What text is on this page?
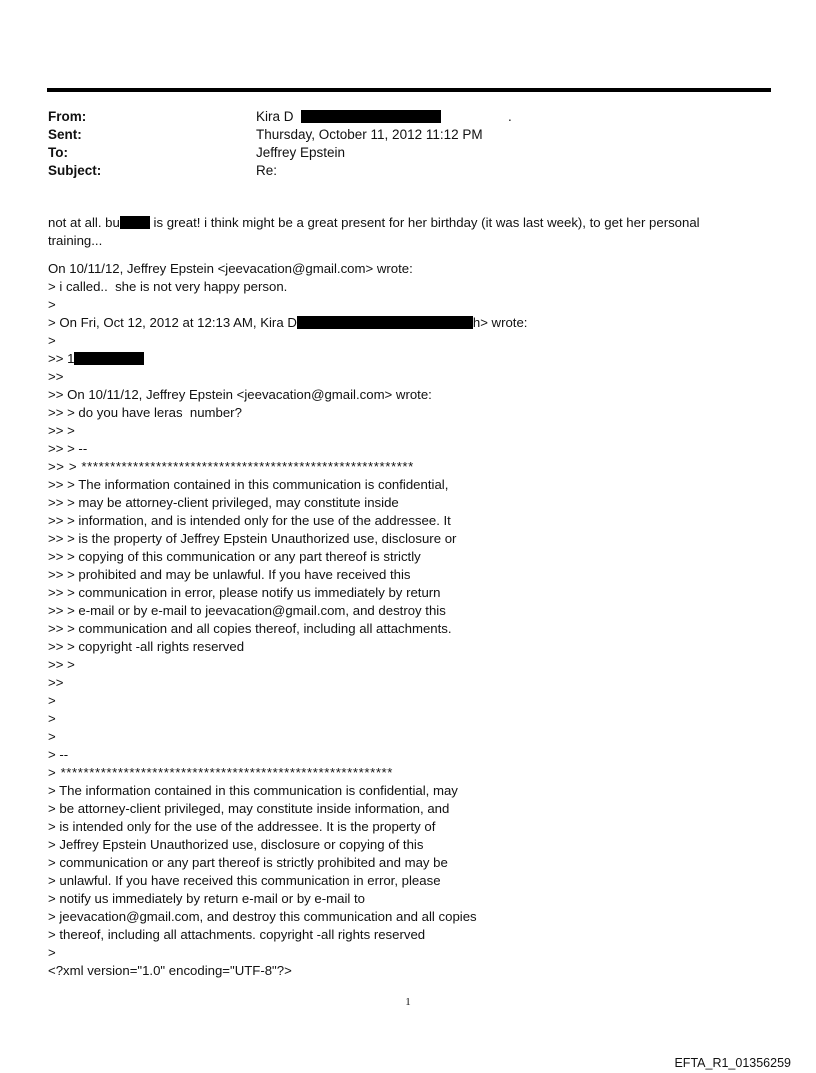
From:	Kira D	.
Sent:	Thursday, October 11, 2012 11:12 PM
To:	Jeffrey Epstein
Subject:	Re:
not at all. bu is great! i think might be a great present for her birthday (it was last week), to get her personal training...
On 10/11/12, Jeffrey Epstein <jeevacation@gmail.com> wrote:
> i called..  she is not very happy person.
>
> On Fri, Oct 12, 2012 at 12:13 AM, Kira D	h> wrote:
>
>> 1
>>
>> On 10/11/12, Jeffrey Epstein <jeevacation@gmail.com> wrote:
>> > do you have leras  number?
>> >
>> > --
>> > **********************************************************
>> > The information contained in this communication is confidential,
>> > may be attorney-client privileged, may constitute inside
>> > information, and is intended only for the use of the addressee. It
>> > is the property of Jeffrey Epstein Unauthorized use, disclosure or
>> > copying of this communication or any part thereof is strictly
>> > prohibited and may be unlawful. If you have received this
>> > communication in error, please notify us immediately by return
>> > e-mail or by e-mail to jeevacation@gmail.com, and destroy this
>> > communication and all copies thereof, including all attachments.
>> > copyright -all rights reserved
>> >
>>
>
>
>
> --
> **********************************************************
> The information contained in this communication is confidential, may
> be attorney-client privileged, may constitute inside information, and
> is intended only for the use of the addressee. It is the property of
> Jeffrey Epstein Unauthorized use, disclosure or copying of this
> communication or any part thereof is strictly prohibited and may be
> unlawful. If you have received this communication in error, please
> notify us immediately by return e-mail or by e-mail to
> jeevacation@gmail.com, and destroy this communication and all copies
> thereof, including all attachments. copyright -all rights reserved
>
<?xml version="1.0" encoding="UTF-8"?>
1
EFTA_R1_01356259
